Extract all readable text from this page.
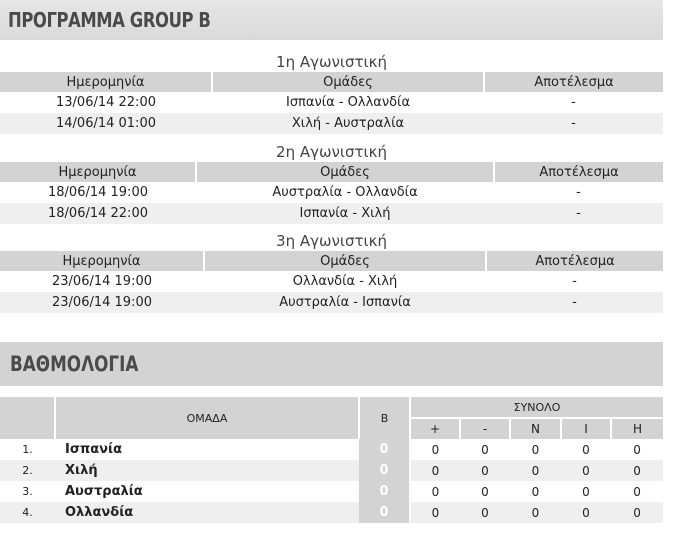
ΠΡΟΓΡΑΜΜΑ GROUP B
1η Αγωνιστική
Ημερομηνία	Ομάδες	Αποτέλεσμα
13/06/14 22:00	Ισπανία - Ολλανδία	-
14/06/14 01:00	Χιλή - Αυστραλία	-
2η Αγωνιστική
Ημερομηνία	Ομάδες	Αποτέλεσμα
18/06/14 19:00	Αυστραλία - Ολλανδία	-
18/06/14 22:00	Ισπανία - Χιλή	-
3η Αγωνιστική
Ημερομηνία	Ομάδες	Αποτέλεσμα
23/06/14 19:00	Ολλανδία - Χιλή	-
23/06/14 19:00	Αυστραλία - Ισπανία	-
ΒΑΘΜΟΛΟΓΙΑ
	ΟΜΑΔΑ	Β	ΣΥΝΟΛΟ				
			+	-	Ν	Ι	Η
1.	Ισπανία	0	0	0	0	0	0
2.	Χιλή	0	0	0	0	0	0
3.	Αυστραλία	0	0	0	0	0	0
4.	Ολλανδία	0	0	0	0	0	0
